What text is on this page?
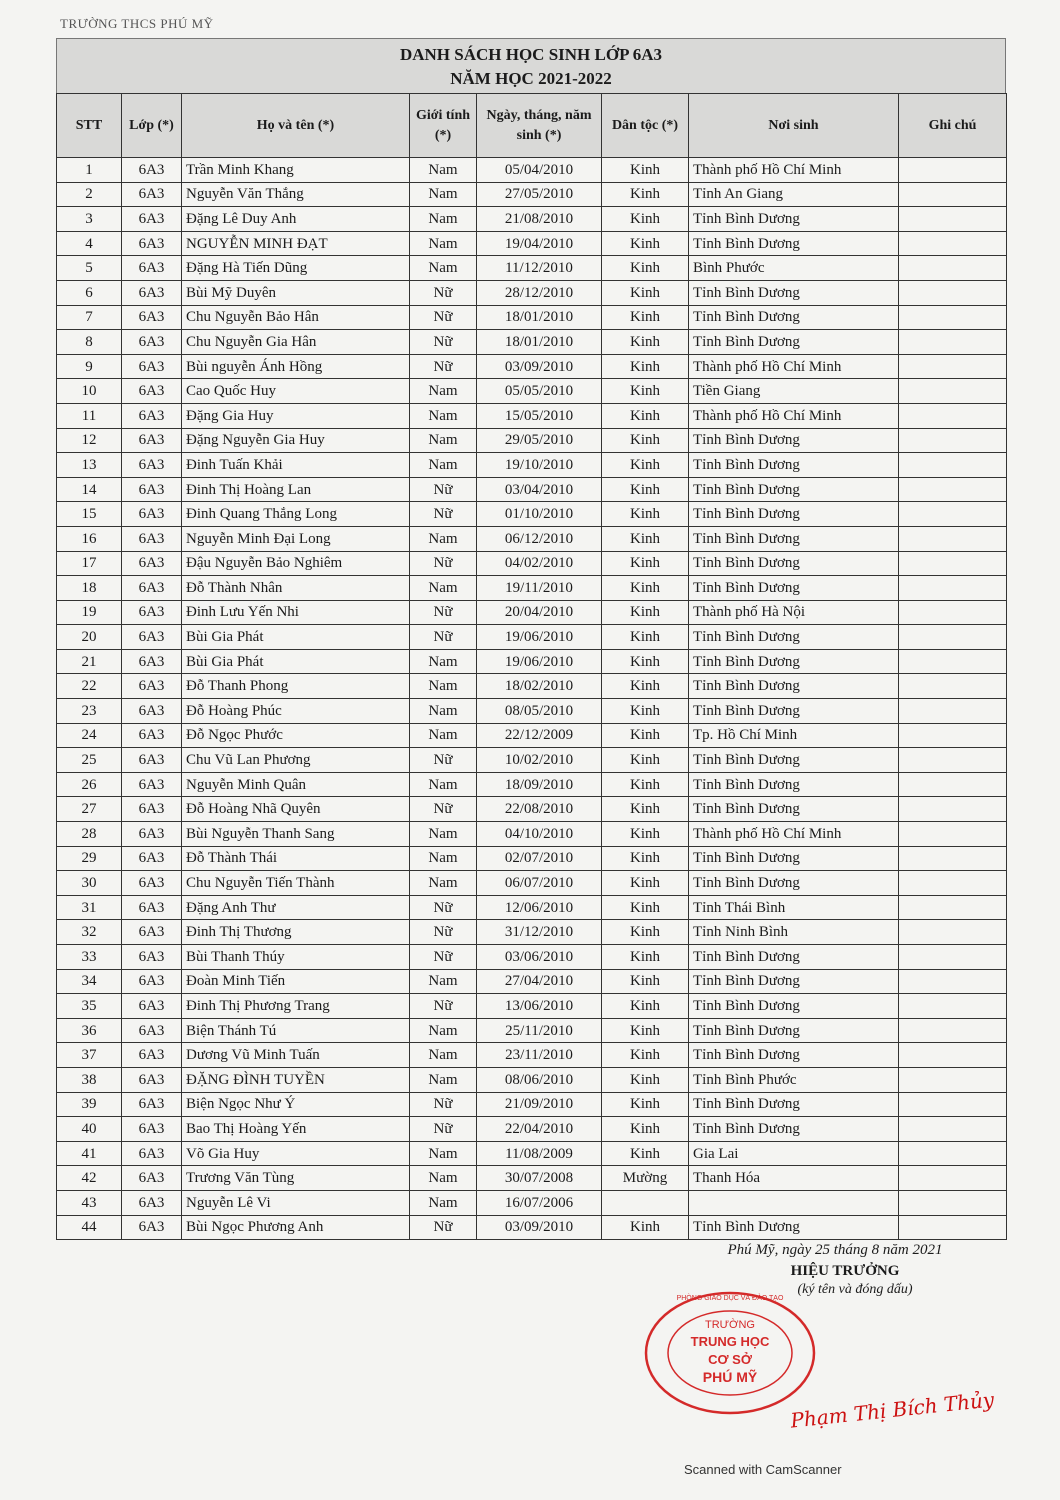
TRƯỜNG THCS PHÚ MỸ
DANH SÁCH HỌC SINH LỚP 6A3
NĂM HỌC 2021-2022
STT	Lớp (*)	Họ và tên (*)	Giới tính (*)	Ngày, tháng, năm sinh (*)	Dân tộc (*)	Nơi sinh	Ghi chú
1	6A3	Trần Minh Khang	Nam	05/04/2010	Kinh	Thành phố Hồ Chí Minh	
2	6A3	Nguyễn Văn Thắng	Nam	27/05/2010	Kinh	Tỉnh An Giang	
3	6A3	Đặng Lê Duy Anh	Nam	21/08/2010	Kinh	Tỉnh Bình Dương	
4	6A3	NGUYỄN MINH ĐẠT	Nam	19/04/2010	Kinh	Tỉnh Bình Dương	
5	6A3	Đặng Hà Tiến Dũng	Nam	11/12/2010	Kinh	Bình Phước	
6	6A3	Bùi Mỹ Duyên	Nữ	28/12/2010	Kinh	Tỉnh Bình Dương	
7	6A3	Chu Nguyễn Bảo Hân	Nữ	18/01/2010	Kinh	Tỉnh Bình Dương	
8	6A3	Chu Nguyễn Gia Hân	Nữ	18/01/2010	Kinh	Tỉnh Bình Dương	
9	6A3	Bùi nguyễn Ánh Hồng	Nữ	03/09/2010	Kinh	Thành phố Hồ Chí Minh	
10	6A3	Cao Quốc Huy	Nam	05/05/2010	Kinh	Tiền Giang	
11	6A3	Đặng Gia Huy	Nam	15/05/2010	Kinh	Thành phố Hồ Chí Minh	
12	6A3	Đặng Nguyễn Gia Huy	Nam	29/05/2010	Kinh	Tỉnh Bình Dương	
13	6A3	Đinh Tuấn Khải	Nam	19/10/2010	Kinh	Tỉnh Bình Dương	
14	6A3	Đinh Thị Hoàng Lan	Nữ	03/04/2010	Kinh	Tỉnh Bình Dương	
15	6A3	Đinh Quang Thắng Long	Nữ	01/10/2010	Kinh	Tỉnh Bình Dương	
16	6A3	Nguyễn Minh Đại Long	Nam	06/12/2010	Kinh	Tỉnh Bình Dương	
17	6A3	Đậu Nguyễn Bảo Nghiêm	Nữ	04/02/2010	Kinh	Tỉnh Bình Dương	
18	6A3	Đỗ Thành Nhân	Nam	19/11/2010	Kinh	Tỉnh Bình Dương	
19	6A3	Đinh Lưu Yến Nhi	Nữ	20/04/2010	Kinh	Thành phố Hà Nội	
20	6A3	Bùi Gia Phát	Nữ	19/06/2010	Kinh	Tỉnh Bình Dương	
21	6A3	Bùi Gia Phát	Nam	19/06/2010	Kinh	Tỉnh Bình Dương	
22	6A3	Đỗ Thanh Phong	Nam	18/02/2010	Kinh	Tỉnh Bình Dương	
23	6A3	Đỗ Hoàng Phúc	Nam	08/05/2010	Kinh	Tỉnh Bình Dương	
24	6A3	Đỗ Ngọc Phước	Nam	22/12/2009	Kinh	Tp. Hồ Chí Minh	
25	6A3	Chu Vũ Lan Phương	Nữ	10/02/2010	Kinh	Tỉnh Bình Dương	
26	6A3	Nguyễn Minh Quân	Nam	18/09/2010	Kinh	Tỉnh Bình Dương	
27	6A3	Đỗ Hoàng Nhã Quyên	Nữ	22/08/2010	Kinh	Tỉnh Bình Dương	
28	6A3	Bùi Nguyễn Thanh Sang	Nam	04/10/2010	Kinh	Thành phố Hồ Chí Minh	
29	6A3	Đỗ Thành Thái	Nam	02/07/2010	Kinh	Tỉnh Bình Dương	
30	6A3	Chu Nguyễn Tiến Thành	Nam	06/07/2010	Kinh	Tỉnh Bình Dương	
31	6A3	Đặng Anh Thư	Nữ	12/06/2010	Kinh	Tỉnh Thái Bình	
32	6A3	Đinh Thị Thương	Nữ	31/12/2010	Kinh	Tỉnh Ninh Bình	
33	6A3	Bùi Thanh Thúy	Nữ	03/06/2010	Kinh	Tỉnh Bình Dương	
34	6A3	Đoàn Minh Tiến	Nam	27/04/2010	Kinh	Tỉnh Bình Dương	
35	6A3	Đinh Thị Phương Trang	Nữ	13/06/2010	Kinh	Tỉnh Bình Dương	
36	6A3	Biện Thánh Tú	Nam	25/11/2010	Kinh	Tỉnh Bình Dương	
37	6A3	Dương Vũ Minh Tuấn	Nam	23/11/2010	Kinh	Tỉnh Bình Dương	
38	6A3	ĐẶNG ĐÌNH TUYỀN	Nam	08/06/2010	Kinh	Tỉnh Bình Phước	
39	6A3	Biện Ngọc Như Ý	Nữ	21/09/2010	Kinh	Tỉnh Bình Dương	
40	6A3	Bao Thị Hoàng Yến	Nữ	22/04/2010	Kinh	Tỉnh Bình Dương	
41	6A3	Võ Gia Huy	Nam	11/08/2009	Kinh	Gia Lai	
42	6A3	Trương Văn Tùng	Nam	30/07/2008	Mường	Thanh Hóa	
43	6A3	Nguyễn Lê Vi	Nam	16/07/2006			
44	6A3	Bùi Ngọc Phương Anh	Nữ	03/09/2010	Kinh	Tỉnh Bình Dương	
Phú Mỹ, ngày 25 tháng 8 năm 2021
HIỆU TRƯỞNG
(ký tên và đóng dấu)
TRƯỜNG
TRUNG HỌC
CƠ SỞ
PHÚ MỸ
PHÒNG GIÁO DỤC VÀ ĐÀO TẠO
Phạm Thị Bích Thủy
Scanned with CamScanner
